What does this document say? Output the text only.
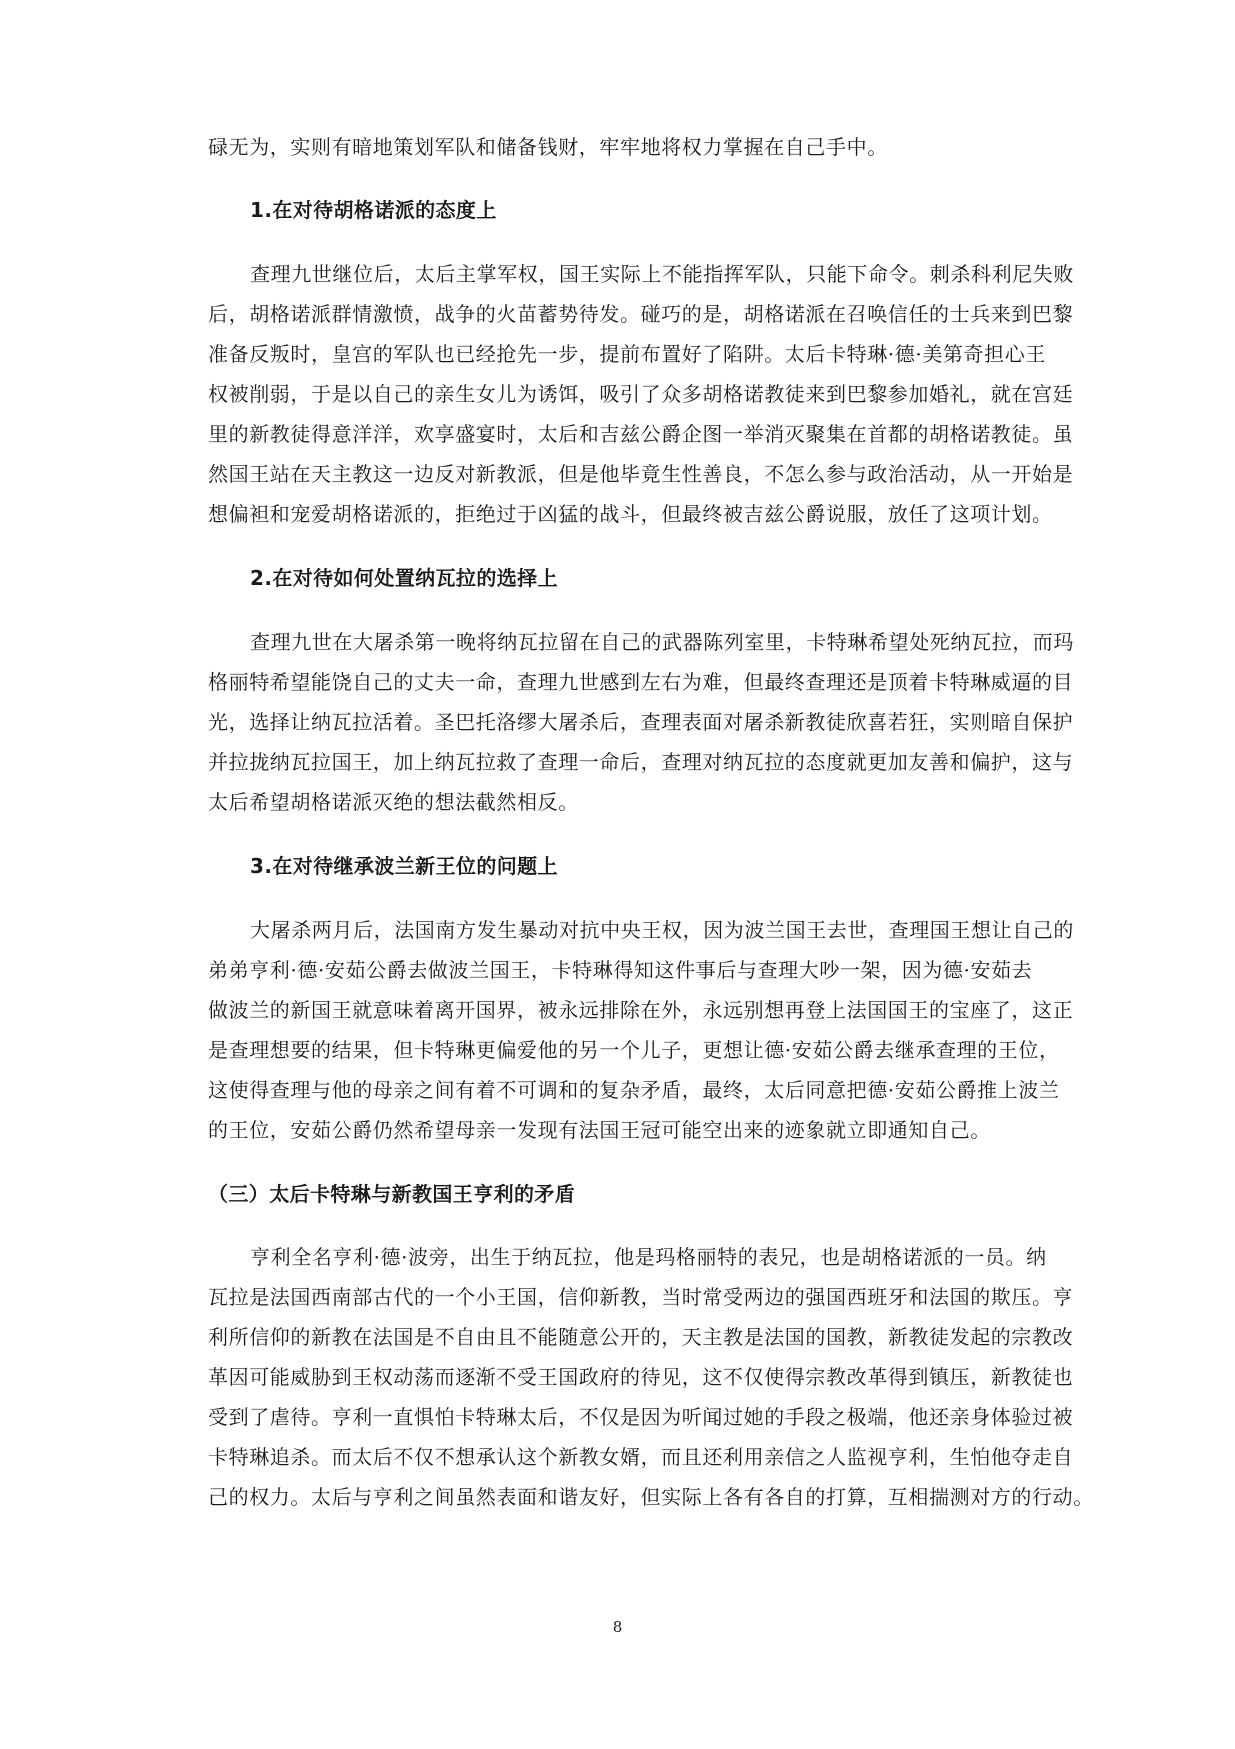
碌无为，实则有暗地策划军队和储备钱财，牢牢地将权力掌握在自己手中。
1.在对待胡格诺派的态度上
查理九世继位后，太后主掌军权，国王实际上不能指挥军队，只能下命令。刺杀科利尼失败
后，胡格诺派群情激愤，战争的火苗蓄势待发。碰巧的是，胡格诺派在召唤信任的士兵来到巴黎
准备反叛时，皇宫的军队也已经抢先一步，提前布置好了陷阱。太后卡特琳·德·美第奇担心王
权被削弱，于是以自己的亲生女儿为诱饵，吸引了众多胡格诺教徒来到巴黎参加婚礼，就在宫廷
里的新教徒得意洋洋，欢享盛宴时，太后和吉兹公爵企图一举消灭聚集在首都的胡格诺教徒。虽
然国王站在天主教这一边反对新教派，但是他毕竟生性善良，不怎么参与政治活动，从一开始是
想偏袒和宠爱胡格诺派的，拒绝过于凶猛的战斗，但最终被吉兹公爵说服，放任了这项计划。
2.在对待如何处置纳瓦拉的选择上
查理九世在大屠杀第一晚将纳瓦拉留在自己的武器陈列室里，卡特琳希望处死纳瓦拉，而玛
格丽特希望能饶自己的丈夫一命，查理九世感到左右为难，但最终查理还是顶着卡特琳威逼的目
光，选择让纳瓦拉活着。圣巴托洛缪大屠杀后，查理表面对屠杀新教徒欣喜若狂，实则暗自保护
并拉拢纳瓦拉国王，加上纳瓦拉救了查理一命后，查理对纳瓦拉的态度就更加友善和偏护，这与
太后希望胡格诺派灭绝的想法截然相反。
3.在对待继承波兰新王位的问题上
大屠杀两月后，法国南方发生暴动对抗中央王权，因为波兰国王去世，查理国王想让自己的
弟弟亨利·德·安茹公爵去做波兰国王，卡特琳得知这件事后与查理大吵一架，因为德·安茹去
做波兰的新国王就意味着离开国界，被永远排除在外，永远别想再登上法国国王的宝座了，这正
是查理想要的结果，但卡特琳更偏爱他的另一个儿子，更想让德·安茹公爵去继承查理的王位，
这使得查理与他的母亲之间有着不可调和的复杂矛盾，最终，太后同意把德·安茹公爵推上波兰
的王位，安茹公爵仍然希望母亲一发现有法国王冠可能空出来的迹象就立即通知自己。
（三）太后卡特琳与新教国王亨利的矛盾
亨利全名亨利·德·波旁，出生于纳瓦拉，他是玛格丽特的表兄，也是胡格诺派的一员。纳
瓦拉是法国西南部古代的一个小王国，信仰新教，当时常受两边的强国西班牙和法国的欺压。亨
利所信仰的新教在法国是不自由且不能随意公开的，天主教是法国的国教，新教徒发起的宗教改
革因可能威胁到王权动荡而逐渐不受王国政府的待见，这不仅使得宗教改革得到镇压，新教徒也
受到了虐待。亨利一直惧怕卡特琳太后，不仅是因为听闻过她的手段之极端，他还亲身体验过被
卡特琳追杀。而太后不仅不想承认这个新教女婿，而且还利用亲信之人监视亨利，生怕他夺走自
己的权力。太后与亨利之间虽然表面和谐友好，但实际上各有各自的打算，互相揣测对方的行动。
8
